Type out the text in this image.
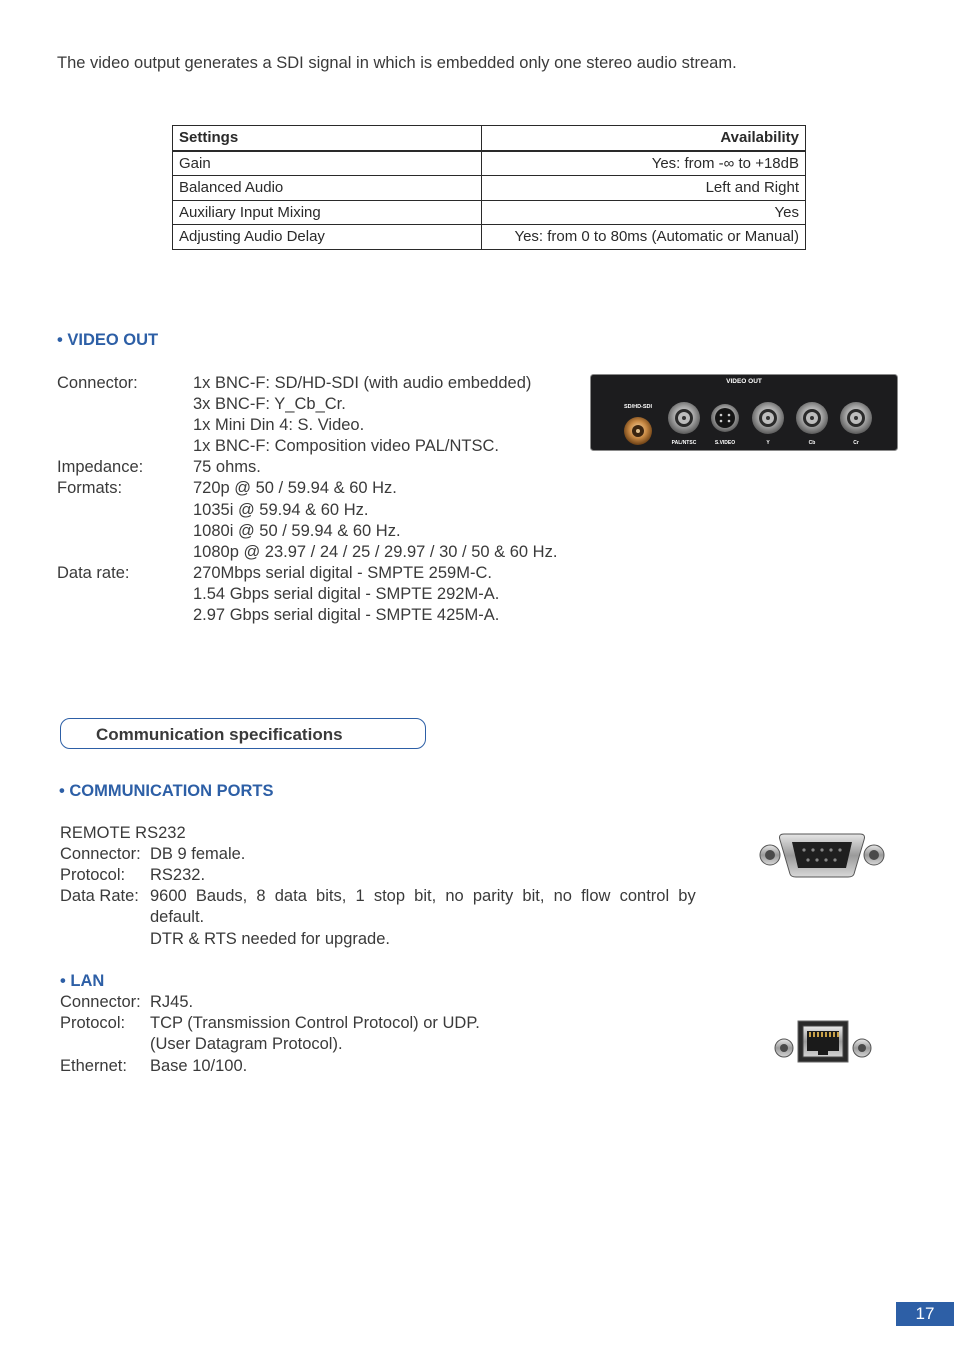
The video output generates a SDI signal in which is embedded only one stereo audio stream.
Settings	Availability
Gain	Yes: from -∞ to +18dB
Balanced Audio	Left and Right
Auxiliary Input Mixing	Yes
Adjusting Audio Delay	Yes: from 0 to 80ms (Automatic or Manual)
• VIDEO OUT
Connector:	1x BNC-F: SD/HD-SDI (with audio embedded)
3x BNC-F: Y_Cb_Cr.
1x Mini Din 4: S. Video.
1x BNC-F: Composition video PAL/NTSC.
Impedance:	75 ohms.
Formats:	720p @ 50 / 59.94 & 60 Hz.
1035i @ 59.94 & 60 Hz.
1080i @ 50 / 59.94 & 60 Hz.
1080p @ 23.97 / 24 / 25 / 29.97 / 30 / 50 & 60 Hz.
Data rate:	270Mbps serial digital - SMPTE 259M-C.
1.54 Gbps serial digital - SMPTE 292M-A.
2.97 Gbps serial digital - SMPTE 425M-A.
VIDEO OUT
SD/HD-SDI
PAL/NTSC	S.VIDEO	Y	Cb	Cr
Communication specifications
• COMMUNICATION PORTS
REMOTE RS232
Connector: DB 9 female.
Protocol: RS232.
Data Rate: 9600  Bauds,  8  data  bits,  1  stop  bit,  no  parity  bit,  no  flow  control  by
default.
DTR & RTS needed for upgrade.
• LAN
Connector: RJ45.
Protocol: TCP (Transmission Control Protocol) or UDP.
(User Datagram Protocol).
Ethernet: Base 10/100.
17
